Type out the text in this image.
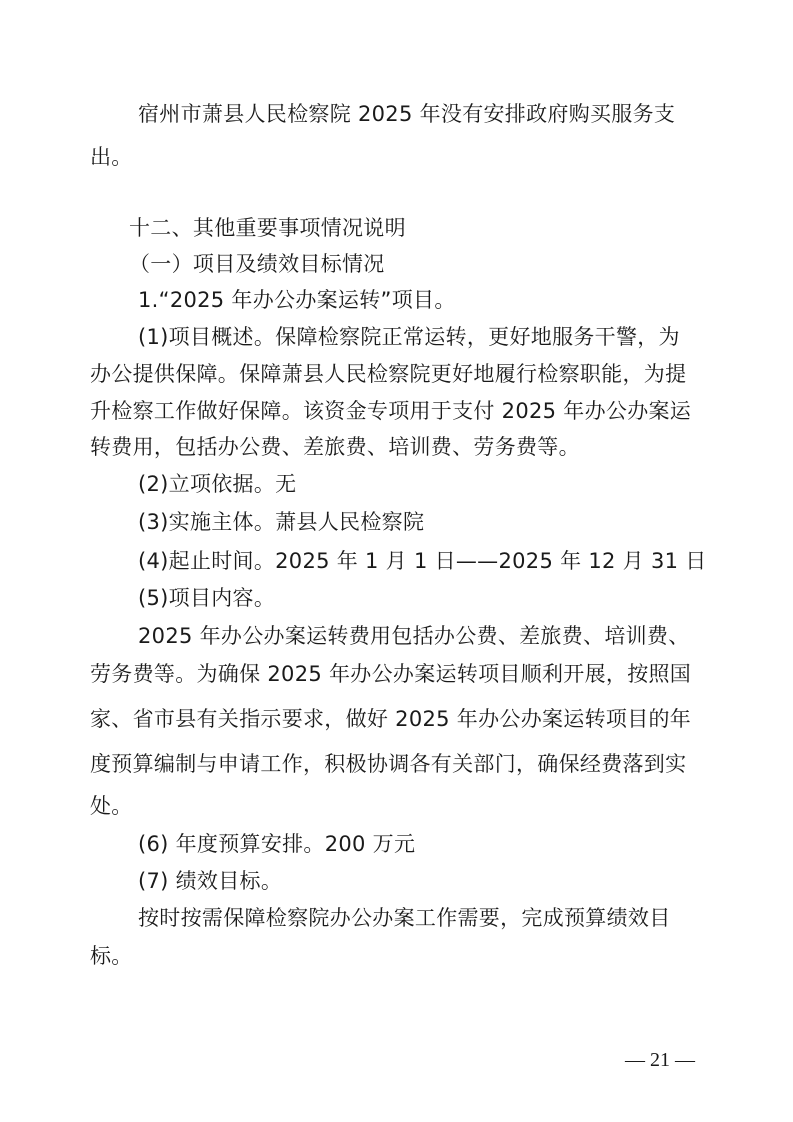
宿州市萧县人民检察院 2025 年没有安排政府购买服务支
出。
十二、其他重要事项情况说明
（一）项目及绩效目标情况
1.“2025 年办公办案运转”项目。
(1)项目概述。保障检察院正常运转，更好地服务干警，为
办公提供保障。保障萧县人民检察院更好地履行检察职能，为提
升检察工作做好保障。该资金专项用于支付 2025 年办公办案运
转费用，包括办公费、差旅费、培训费、劳务费等。
(2)立项依据。无
(3)实施主体。萧县人民检察院
(4)起止时间。2025 年 1 月 1 日——2025 年 12 月 31 日
(5)项目内容。
2025 年办公办案运转费用包括办公费、差旅费、培训费、
劳务费等。为确保 2025 年办公办案运转项目顺利开展，按照国
家、省市县有关指示要求，做好 2025 年办公办案运转项目的年
度预算编制与申请工作，积极协调各有关部门，确保经费落到实
处。
(6) 年度预算安排。200 万元
(7) 绩效目标。
按时按需保障检察院办公办案工作需要，完成预算绩效目
标。
— 21 —
